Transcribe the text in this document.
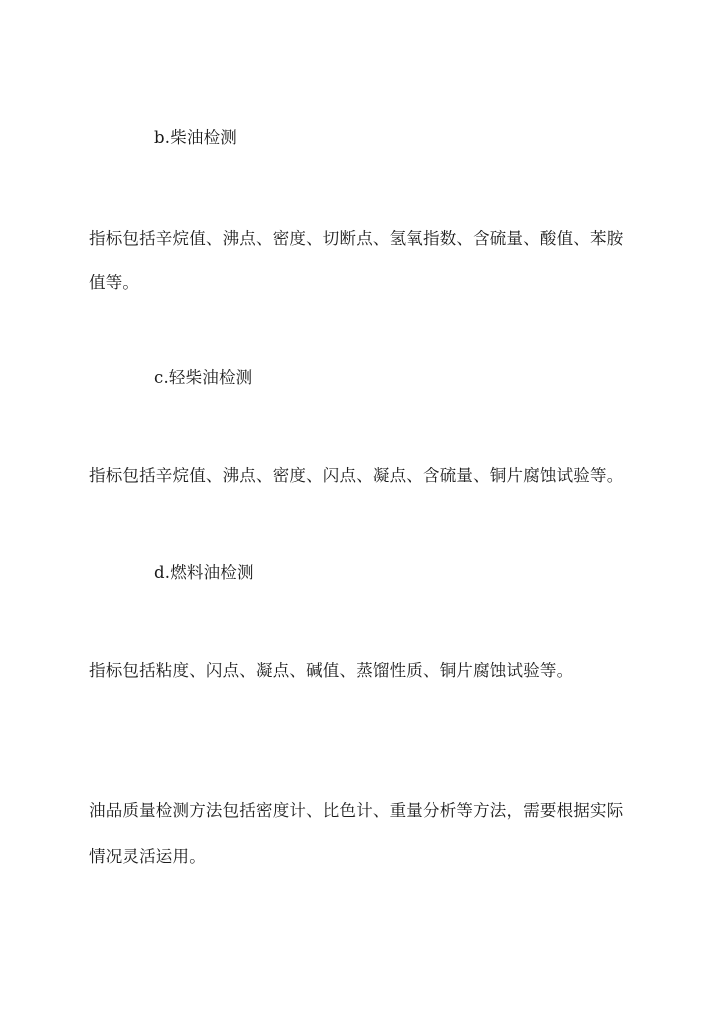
b.柴油检测
指标包括辛烷值、沸点、密度、切断点、氢氧指数、含硫量、酸值、苯胺
值等。
c.轻柴油检测
指标包括辛烷值、沸点、密度、闪点、凝点、含硫量、铜片腐蚀试验等。
d.燃料油检测
指标包括粘度、闪点、凝点、碱值、蒸馏性质、铜片腐蚀试验等。
油品质量检测方法包括密度计、比色计、重量分析等方法，需要根据实际
情况灵活运用。
